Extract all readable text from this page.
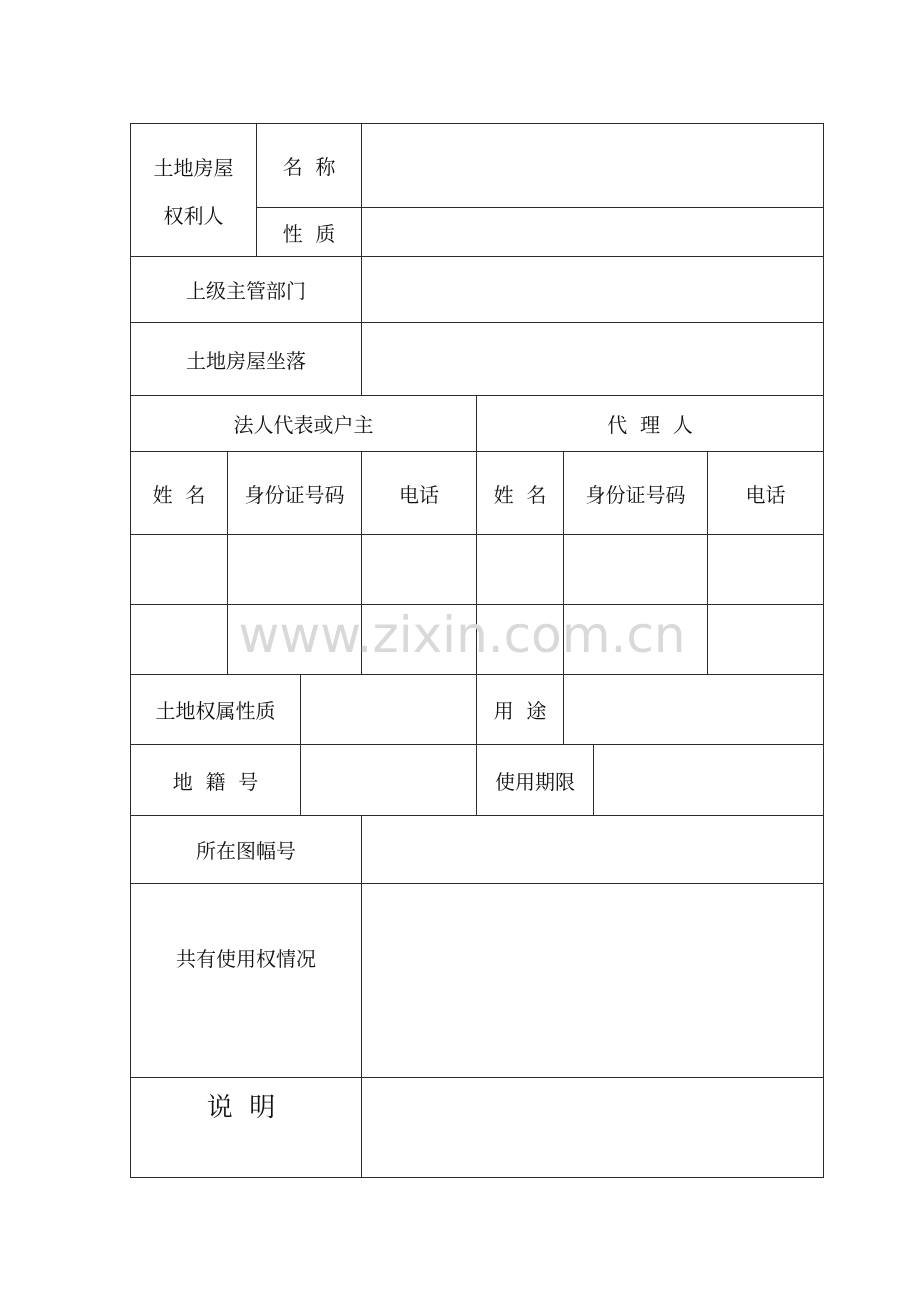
土地房屋
权利人
名  称
性  质
上级主管部门
土地房屋坐落
法人代表或户主	代  理  人
姓  名	身份证号码	电话	姓  名	身份证号码	电话
土地权属性质	用  途
地  籍  号	使用期限
所在图幅号
共有使用权情况
说  明
www.zixin.com.cn
